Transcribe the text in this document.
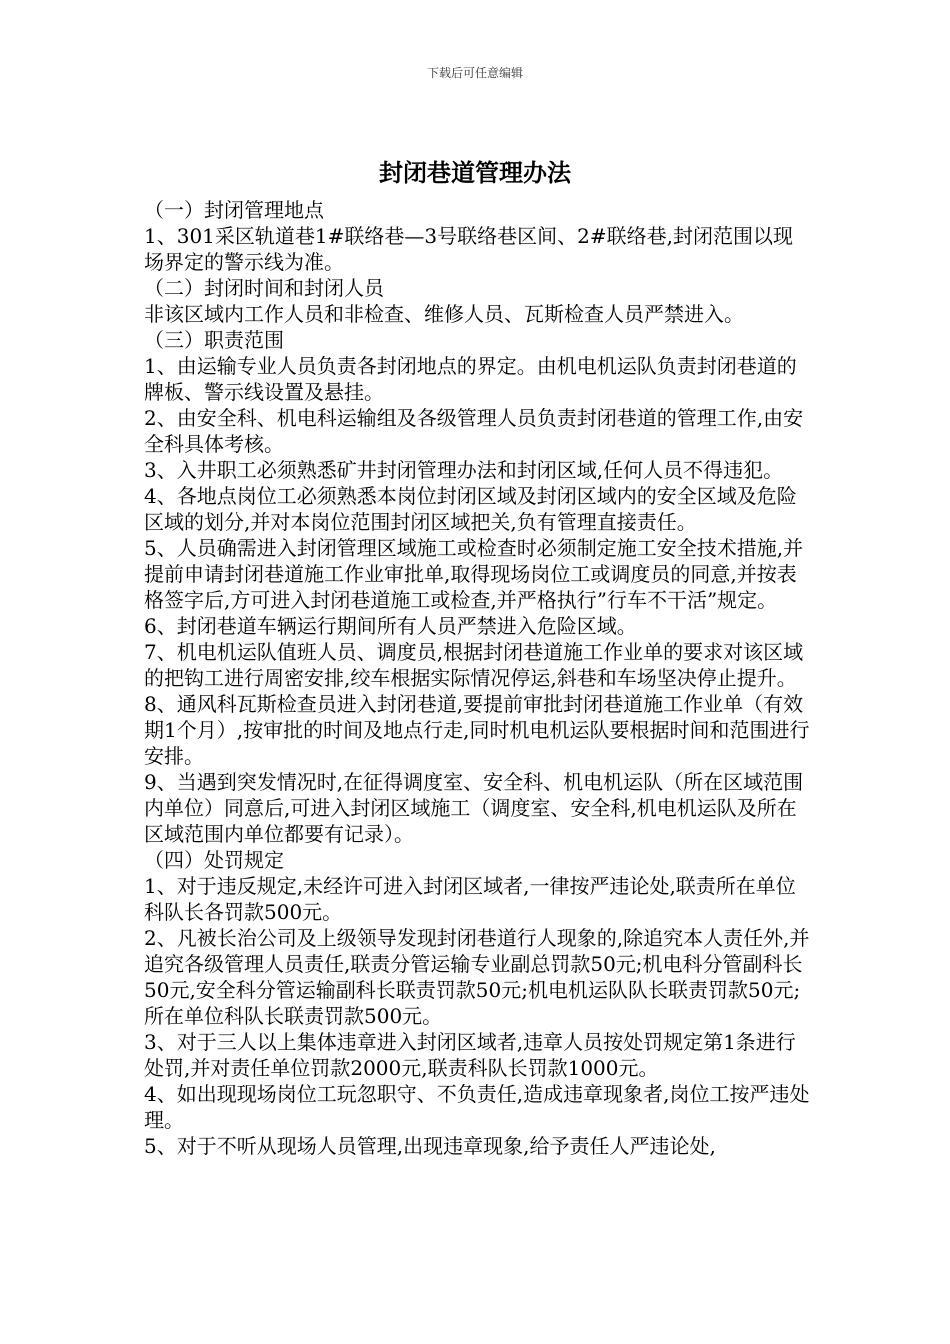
下载后可任意编辑
封闭巷道管理办法

（一）封闭管理地点

1、301采区轨道巷1#联络巷—3号联络巷区间、2#联络巷,封闭范围以现场界定的警示线为准。

（二）封闭时间和封闭人员

非该区域内工作人员和非检查、维修人员、瓦斯检查人员严禁进入。

（三）职责范围

1、由运输专业人员负责各封闭地点的界定。由机电机运队负责封闭巷道的牌板、警示线设置及悬挂。

2、由安全科、机电科运输组及各级管理人员负责封闭巷道的管理工作,由安全科具体考核。

3、入井职工必须熟悉矿井封闭管理办法和封闭区域,任何人员不得违犯。

4、各地点岗位工必须熟悉本岗位封闭区域及封闭区域内的安全区域及危险区域的划分,并对本岗位范围封闭区域把关,负有管理直接责任。

5、人员确需进入封闭管理区域施工或检查时必须制定施工安全技术措施,并提前申请封闭巷道施工作业审批单,取得现场岗位工或调度员的同意,并按表格签字后,方可进入封闭巷道施工或检查,并严格执行”行车不干活”规定。

6、封闭巷道车辆运行期间所有人员严禁进入危险区域。

7、机电机运队值班人员、调度员,根据封闭巷道施工作业单的要求对该区域的把钩工进行周密安排,绞车根据实际情况停运,斜巷和车场坚决停止提升。

8、通风科瓦斯检查员进入封闭巷道,要提前审批封闭巷道施工作业单（有效期1个月）,按审批的时间及地点行走,同时机电机运队要根据时间和范围进行安排。

9、当遇到突发情况时,在征得调度室、安全科、机电机运队（所在区域范围内单位）同意后,可进入封闭区域施工（调度室、安全科,机电机运队及所在区域范围内单位都要有记录）。

（四）处罚规定

1、对于违反规定,未经许可进入封闭区域者,一律按严违论处,联责所在单位科队长各罚款500元。

2、凡被长治公司及上级领导发现封闭巷道行人现象的,除追究本人责任外,并追究各级管理人员责任,联责分管运输专业副总罚款50元;机电科分管副科长50元,安全科分管运输副科长联责罚款50元;机电机运队队长联责罚款50元;所在单位科队长联责罚款500元。

3、对于三人以上集体违章进入封闭区域者,违章人员按处罚规定第1条进行处罚,并对责任单位罚款2000元,联责科队长罚款1000元。

4、如出现现场岗位工玩忽职守、不负责任,造成违章现象者,岗位工按严违处理。

5、对于不听从现场人员管理,出现违章现象,给予责任人严违论处,
